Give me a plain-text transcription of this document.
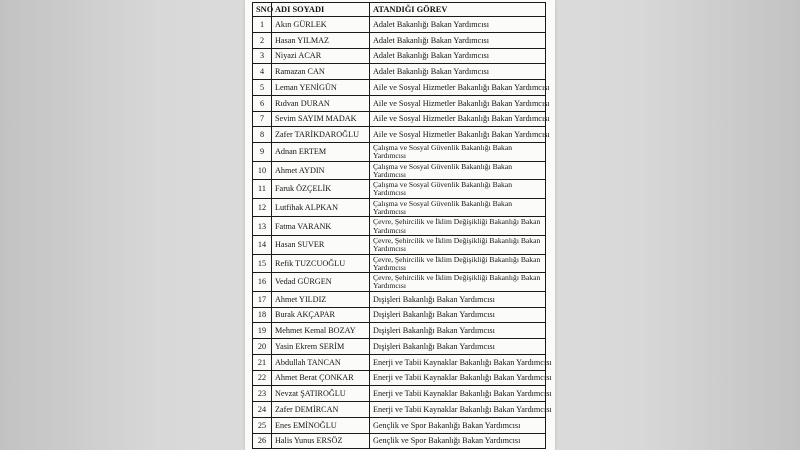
SNO	ADI SOYADI	ATANDIĞI GÖREV
1	Akın GÜRLEK	Adalet Bakanlığı Bakan Yardımcısı
2	Hasan YILMAZ	Adalet Bakanlığı Bakan Yardımcısı
3	Niyazi ACAR	Adalet Bakanlığı Bakan Yardımcısı
4	Ramazan CAN	Adalet Bakanlığı Bakan Yardımcısı
5	Leman YENİGÜN	Aile ve Sosyal Hizmetler Bakanlığı Bakan Yardımcısı
6	Rıdvan DURAN	Aile ve Sosyal Hizmetler Bakanlığı Bakan Yardımcısı
7	Sevim SAYIM MADAK	Aile ve Sosyal Hizmetler Bakanlığı Bakan Yardımcısı
8	Zafer TARİKDAROĞLU	Aile ve Sosyal Hizmetler Bakanlığı Bakan Yardımcısı
9	Adnan ERTEM	Çalışma ve Sosyal Güvenlik Bakanlığı Bakan Yardımcısı
10	Ahmet AYDIN	Çalışma ve Sosyal Güvenlik Bakanlığı Bakan Yardımcısı
11	Faruk ÖZÇELİK	Çalışma ve Sosyal Güvenlik Bakanlığı Bakan Yardımcısı
12	Lutfihak ALPKAN	Çalışma ve Sosyal Güvenlik Bakanlığı Bakan Yardımcısı
13	Fatma VARANK	Çevre, Şehircilik ve İklim Değişikliği Bakanlığı Bakan Yardımcısı
14	Hasan SUVER	Çevre, Şehircilik ve İklim Değişikliği Bakanlığı Bakan Yardımcısı
15	Refik TUZCUOĞLU	Çevre, Şehircilik ve İklim Değişikliği Bakanlığı Bakan Yardımcısı
16	Vedad GÜRGEN	Çevre, Şehircilik ve İklim Değişikliği Bakanlığı Bakan Yardımcısı
17	Ahmet YILDIZ	Dışişleri Bakanlığı Bakan Yardımcısı
18	Burak AKÇAPAR	Dışişleri Bakanlığı Bakan Yardımcısı
19	Mehmet Kemal BOZAY	Dışişleri Bakanlığı Bakan Yardımcısı
20	Yasin Ekrem SERİM	Dışişleri Bakanlığı Bakan Yardımcısı
21	Abdullah TANCAN	Enerji ve Tabii Kaynaklar Bakanlığı Bakan Yardımcısı
22	Ahmet Berat ÇONKAR	Enerji ve Tabii Kaynaklar Bakanlığı Bakan Yardımcısı
23	Nevzat ŞATIROĞLU	Enerji ve Tabii Kaynaklar Bakanlığı Bakan Yardımcısı
24	Zafer DEMİRCAN	Enerji ve Tabii Kaynaklar Bakanlığı Bakan Yardımcısı
25	Enes EMİNOĞLU	Gençlik ve Spor Bakanlığı Bakan Yardımcısı
26	Halis Yunus ERSÖZ	Gençlik ve Spor Bakanlığı Bakan Yardımcısı
